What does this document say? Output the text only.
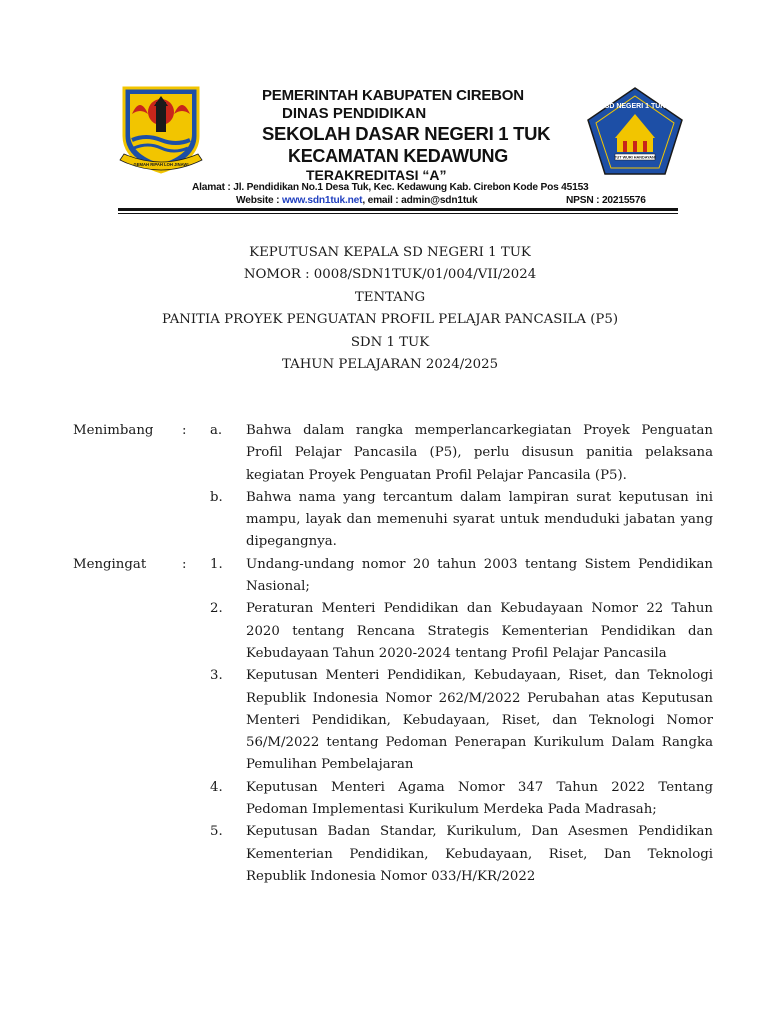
GEMAH RIPAH LOH JINAWI
SD NEGERI 1 TUK
TUT WURI HANDAYANI
PEMERINTAH KABUPATEN CIREBON
DINAS PENDIDIKAN
SEKOLAH DASAR NEGERI 1 TUK
KECAMATAN KEDAWUNG
TERAKREDITASI “A”
Alamat : Jl. Pendidikan No.1 Desa Tuk, Kec. Kedawung Kab. Cirebon Kode Pos 45153
Website : www.sdn1tuk.net, email : admin@sdn1tuk	NPSN : 20215576
KEPUTUSAN KEPALA SD NEGERI 1 TUK
NOMOR : 0008/SDN1TUK/01/004/VII/2024
TENTANG
PANITIA PROYEK PENGUATAN PROFIL PELAJAR PANCASILA (P5)
SDN 1 TUK
TAHUN PELAJARAN 2024/2025
Menimbang : a. Bahwa dalam rangka memperlancarkegiatan Proyek Penguatan Profil Pelajar Pancasila (P5), perlu disusun panitia pelaksana kegiatan Proyek Penguatan Profil Pelajar Pancasila (P5).
b. Bahwa nama yang tercantum dalam lampiran surat keputusan ini mampu, layak dan memenuhi syarat untuk menduduki jabatan yang dipegangnya.
Mengingat	: 1. Undang-undang nomor 20 tahun 2003 tentang Sistem Pendidikan Nasional;
2. Peraturan Menteri Pendidikan dan Kebudayaan Nomor 22 Tahun 2020 tentang Rencana Strategis Kementerian Pendidikan dan Kebudayaan Tahun 2020-2024 tentang Profil Pelajar Pancasila
3. Keputusan Menteri Pendidikan, Kebudayaan, Riset, dan Teknologi Republik Indonesia Nomor 262/M/2022 Perubahan atas Keputusan Menteri Pendidikan, Kebudayaan, Riset, dan Teknologi Nomor 56/M/2022 tentang Pedoman Penerapan Kurikulum Dalam Rangka Pemulihan Pembelajaran
4. Keputusan Menteri Agama Nomor 347 Tahun 2022 Tentang Pedoman Implementasi Kurikulum Merdeka Pada Madrasah;
5. Keputusan Badan Standar, Kurikulum, Dan Asesmen Pendidikan Kementerian Pendidikan, Kebudayaan, Riset, Dan Teknologi Republik Indonesia Nomor 033/H/KR/2022
